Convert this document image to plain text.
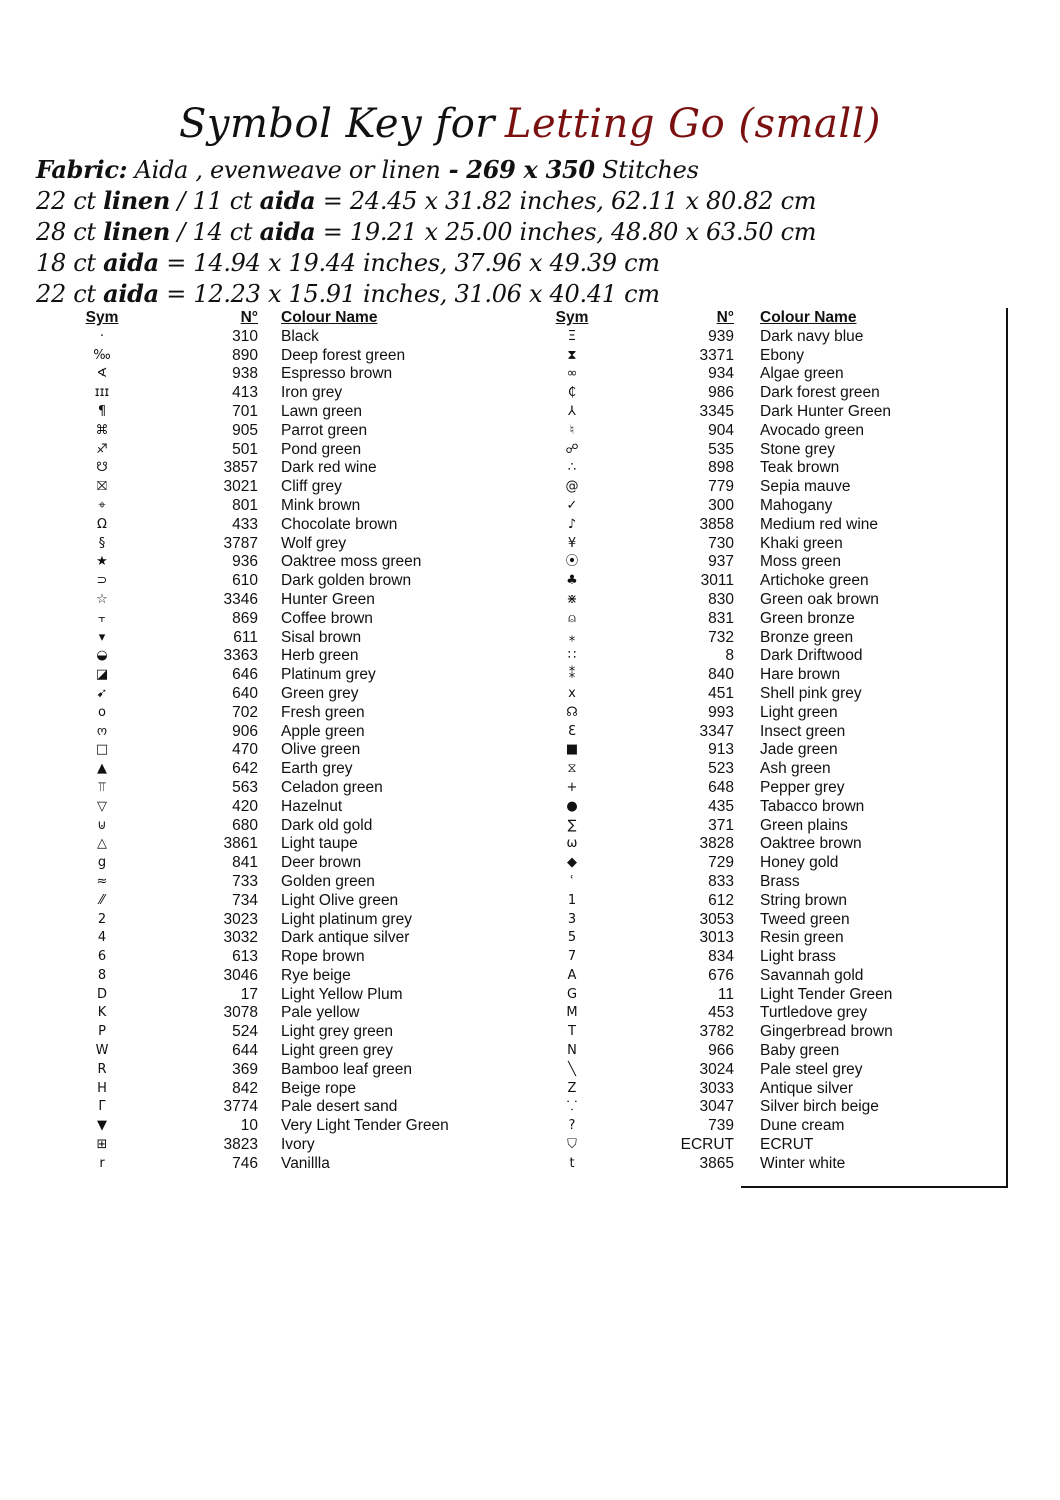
Symbol Key for Letting Go (small)
Fabric: Aida , evenweave or linen - 269 x 350 Stitches
22 ct linen / 11 ct aida = 24.45 x 31.82 inches, 62.11 x 80.82 cm
28 ct linen / 14 ct aida = 19.21 x 25.00 inches, 48.80 x 63.50 cm
18 ct aida = 14.94 x 19.44 inches, 37.96 x 49.39 cm
22 ct aida = 12.23 x 15.91 inches, 31.06 x 40.41 cm
Sym	N° Colour Name
·	310 Black
‰	890 Deep forest green
∢	938 Espresso brown
ɪɪɪ	413 Iron grey
¶	701 Lawn green
⌘	905 Parrot green
♐	501 Pond green
☋	3857 Dark red wine
⛝	3021 Cliff grey
⌖	801 Mink brown
Ω	433 Chocolate brown
§	3787 Wolf grey
★	936 Oaktree moss green
⊃	610 Dark golden brown
☆	3346 Hunter Green
⫟	869 Coffee brown
▾	611 Sisal brown
◒	3363 Herb green
◪	646 Platinum grey
➹	640 Green grey
o	702 Fresh green
ო	906 Apple green
□	470 Olive green
▲	642 Earth grey
⫪	563 Celadon green
▽	420 Hazelnut
⊍	680 Dark old gold
△	3861 Light taupe
g	841 Deer brown
≈	733 Golden green
⁄⁄	734 Light Olive green
2	3023 Light platinum grey
4	3032 Dark antique silver
6	613 Rope brown
8	3046 Rye beige
D	17 Light Yellow Plum
K	3078 Pale yellow
P	524 Light grey green
W	644 Light green grey
R	369 Bamboo leaf green
H	842 Beige rope
Γ	3774 Pale desert sand
▼	10 Very Light Tender Green
⊞	3823 Ivory
r	746 Vanillla
Sym	N° Colour Name
Ξ	939 Dark navy blue
⧗	3371 Ebony
∞	934 Algae green
₵	986 Dark forest green
⅄	3345 Dark Hunter Green
♮	904 Avocado green
☍	535 Stone grey
∴	898 Teak brown
@	779 Sepia mauve
✓	300 Mahogany
♪	3858 Medium red wine
¥	730 Khaki green
⦿	937 Moss green
♣	3011 Artichoke green
⋇	830 Green oak brown
⍝	831 Green bronze
⁎	732 Bronze green
∷	8 Dark Driftwood
⁑	840 Hare brown
x	451 Shell pink grey
☊	993 Light green
Ɛ	3347 Insect green
■	913 Jade green
⧖	523 Ash green
+	648 Pepper grey
●	435 Tabacco brown
∑	371 Green plains
ω	3828 Oaktree brown
◆	729 Honey gold
ʿ	833 Brass
1	612 String brown
3	3053 Tweed green
5	3013 Resin green
7	834 Light brass
A	676 Savannah gold
G	11 Light Tender Green
M	453 Turtledove grey
T	3782 Gingerbread brown
N	966 Baby green
╲	3024 Pale steel grey
Z	3033 Antique silver
⸪	3047 Silver birch beige
?	739 Dune cream
⛉	ECRUT ECRUT
t	3865 Winter white
